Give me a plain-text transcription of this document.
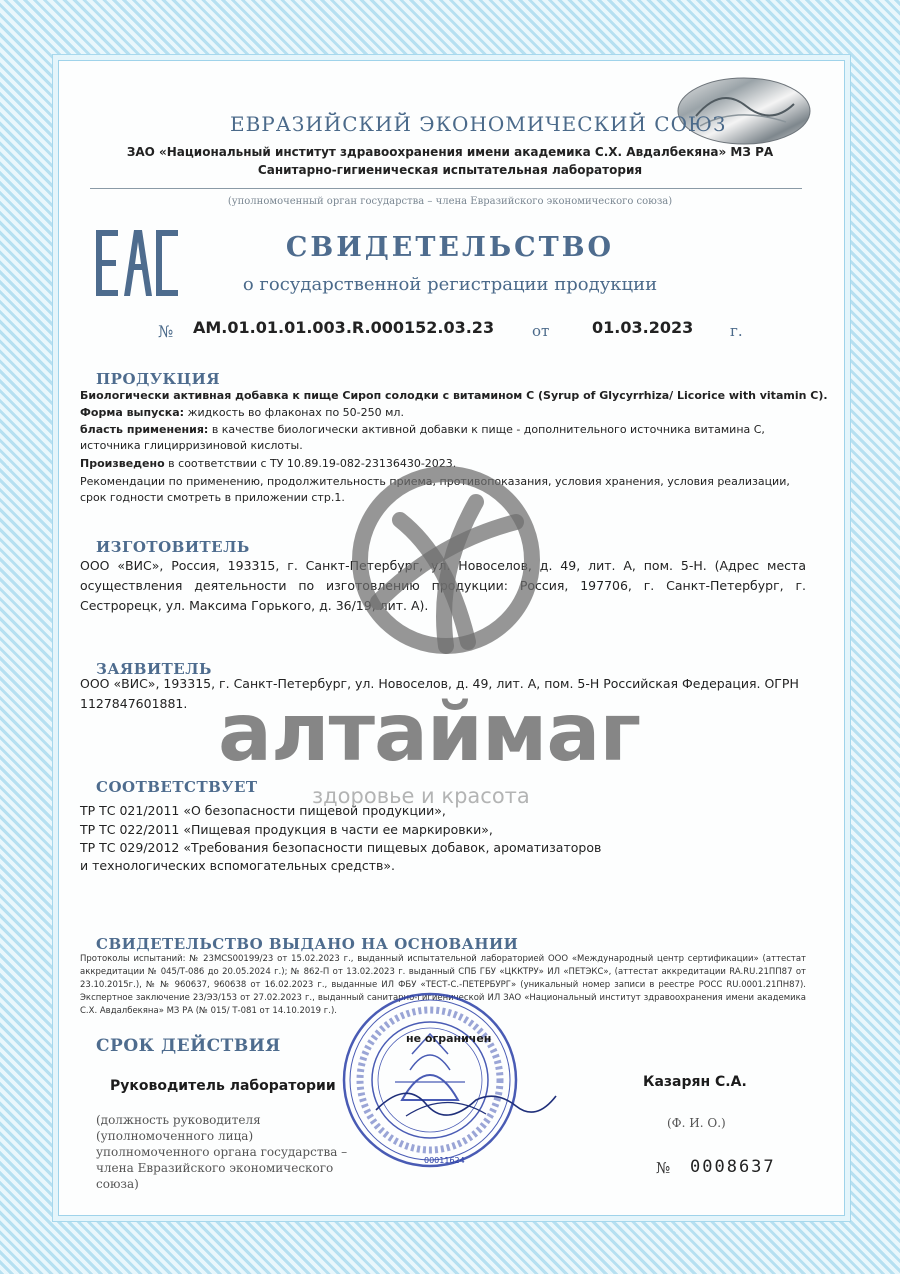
ЕВРАЗИЙСКИЙ ЭКОНОМИЧЕСКИЙ СОЮЗ
ЗАО «Национальный институт здравоохранения имени академика С.Х. Авдалбекяна» МЗ РА
Санитарно-гигиеническая испытательная лаборатория
(уполномоченный орган государства – члена Евразийского экономического союза)
СВИДЕТЕЛЬСТВО
о государственной регистрации продукции
№ AM.01.01.01.003.R.000152.03.23	от	01.03.2023 г.
ПРОДУКЦИЯ
Биологически активная добавка к пище Сироп солодки с витамином С (Syrup of Glycyrrhiza/ Licorice with vitamin C).
Форма выпуска: жидкость во флаконах по 50-250 мл.
бласть применения: в качестве биологически активной добавки к пище - дополнительного источника витамина С, источника глицирризиновой кислоты.
Произведено в соответствии с ТУ 10.89.19-082-23136430-2023.
Рекомендации по применению, продолжительность приема, противопоказания, условия хранения, условия реализации, срок годности смотреть в приложении стр.1.
ИЗГОТОВИТЕЛЬ
ООО «ВИС», Россия, 193315, г. Санкт-Петербург, ул. Новоселов, д. 49, лит. А, пом. 5-Н. (Адрес места осуществления деятельности по изготовлению продукции: Россия, 197706, г. Санкт-Петербург, г. Сестрорецк, ул. Максима Горького, д. 36/19, лит. А).
ЗАЯВИТЕЛЬ
ООО «ВИС», 193315, г. Санкт-Петербург, ул. Новоселов, д. 49, лит. А, пом. 5-Н Российская Федерация. ОГРН 1127847601881.
СООТВЕТСТВУЕТ
ТР ТС 021/2011 «О безопасности пищевой продукции»,
ТР ТС 022/2011 «Пищевая продукция в части ее маркировки»,
ТР ТС 029/2012 «Требования безопасности пищевых добавок, ароматизаторов
и технологических вспомогательных средств».
СВИДЕТЕЛЬСТВО ВЫДАНО НА ОСНОВАНИИ
Протоколы испытаний: № 23MCS00199/23 от 15.02.2023 г., выданный испытательной лабораторией ООО «Международный центр сертификации» (аттестат аккредитации № 045/Т-086 до 20.05.2024 г.); № 862-П от 13.02.2023 г. выданный СПБ ГБУ «ЦККТРУ» ИЛ «ПЕТЭКС», (аттестат аккредитации RA.RU.21ПП87 от 23.10.2015г.), № № 960637, 960638 от 16.02.2023 г., выданные ИЛ ФБУ «ТЕСТ-С.-ПЕТЕРБУРГ» (уникальный номер записи в реестре РОСС RU.0001.21ПН87). Экспертное заключение 23/ЭЗ/153 от 27.02.2023 г., выданный санитарно-гигиенической ИЛ ЗАО «Национальный институт здравоохранения имени академика С.Х. Авдалбекяна» МЗ РА (№ 015/ Т-081 от 14.10.2019 г.).
СРОК ДЕЙСТВИЯ
алтаймаг
здоровье и красота
не ограничен
00011624
Руководитель лаборатории	Казарян С.А.
(должность руководителя (уполномоченного лица) уполномоченного органа государства – члена Евразийского экономического союза)
(Ф. И. О.)
№ 0008637
